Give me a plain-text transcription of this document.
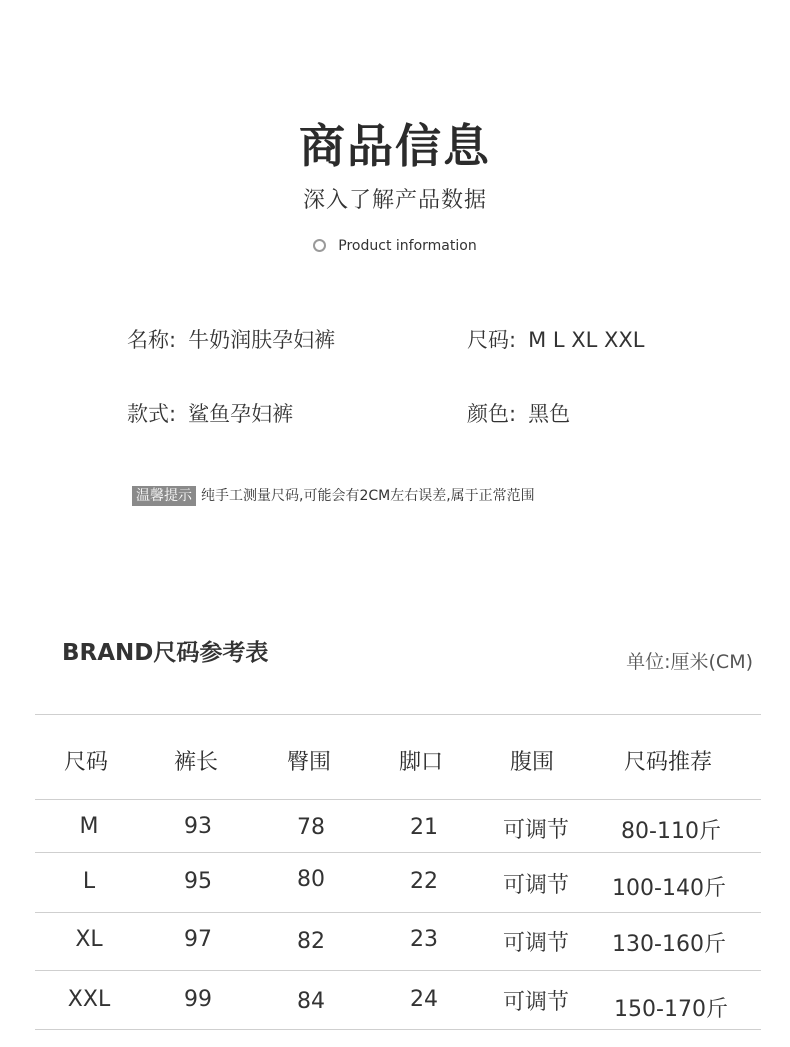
商品信息
深入了解产品数据
Product information
名称: 牛奶润肤孕妇裤	尺码: M L XL XXL
款式: 鲨鱼孕妇裤	颜色: 黑色
温馨提示 纯手工测量尺码,可能会有2CM左右误差,属于正常范围
BRAND尺码参考表	单位:厘米(CM)
尺码	裤长	臀围	脚口	腹围	尺码推荐
M	93	78	21	可调节	80-110斤
L	95	80	22	可调节	100-140斤
XL	97	82	23	可调节	130-160斤
XXL	99	84	24	可调节	150-170斤
